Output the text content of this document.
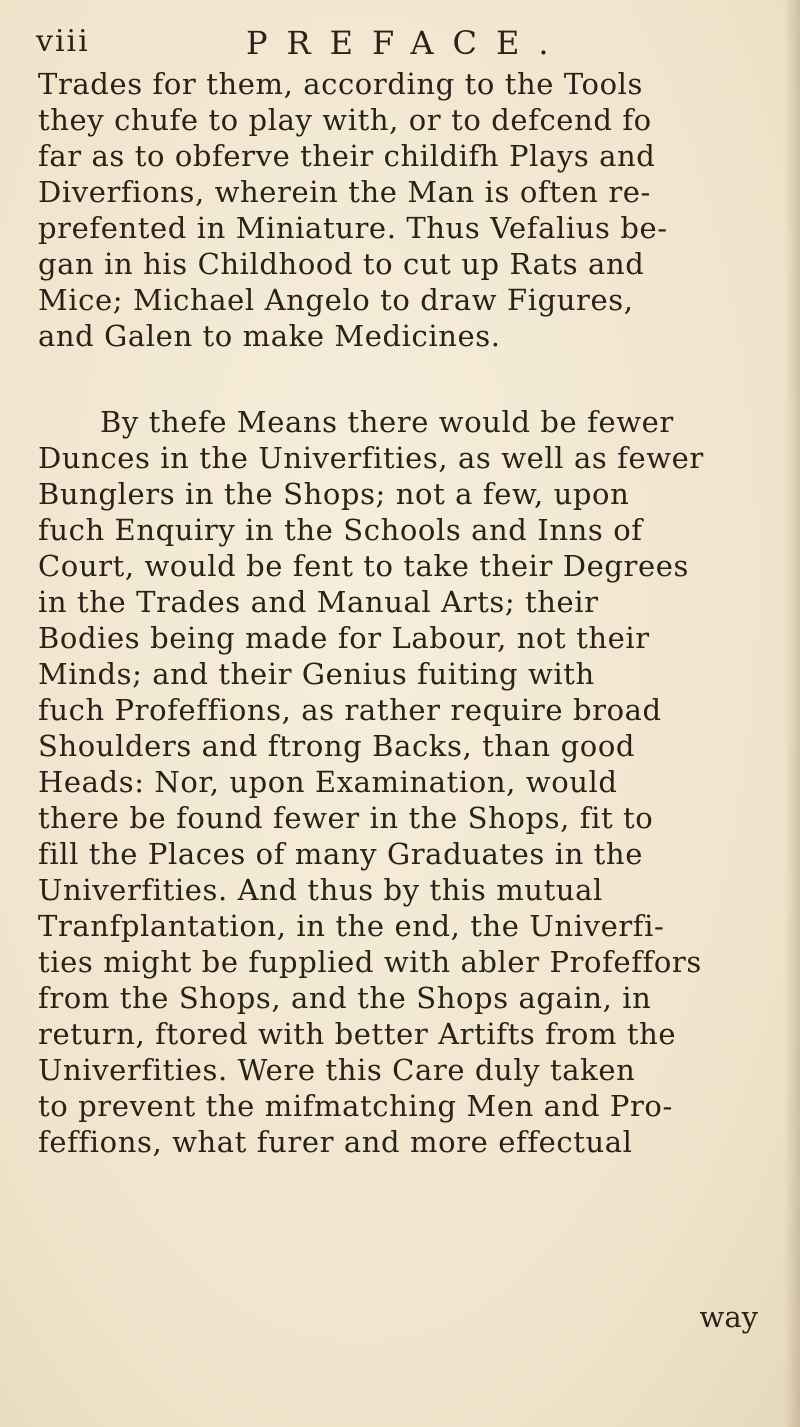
viii	PREFACE.
Trades for them, according to the Tools
they chufe to play with, or to defcend fo
far as to obferve their childifh Plays and
Diverfions, wherein the Man is often re-
prefented in Miniature. Thus Vefalius be-
gan in his Childhood to cut up Rats and
Mice; Michael Angelo to draw Figures,
and Galen to make Medicines.
By thefe Means there would be fewer
Dunces in the Univerfities, as well as fewer
Bunglers in the Shops; not a few, upon
fuch Enquiry in the Schools and Inns of
Court, would be fent to take their Degrees
in the Trades and Manual Arts; their
Bodies being made for Labour, not their
Minds; and their Genius fuiting with
fuch Profeffions, as rather require broad
Shoulders and ftrong Backs, than good
Heads: Nor, upon Examination, would
there be found fewer in the Shops, fit to
fill the Places of many Graduates in the
Univerfities. And thus by this mutual
Tranfplantation, in the end, the Univerfi-
ties might be fupplied with abler Profeffors
from the Shops, and the Shops again, in
return, ftored with better Artifts from the
Univerfities. Were this Care duly taken
to prevent the mifmatching Men and Pro-
feffions, what furer and more effectual
way
